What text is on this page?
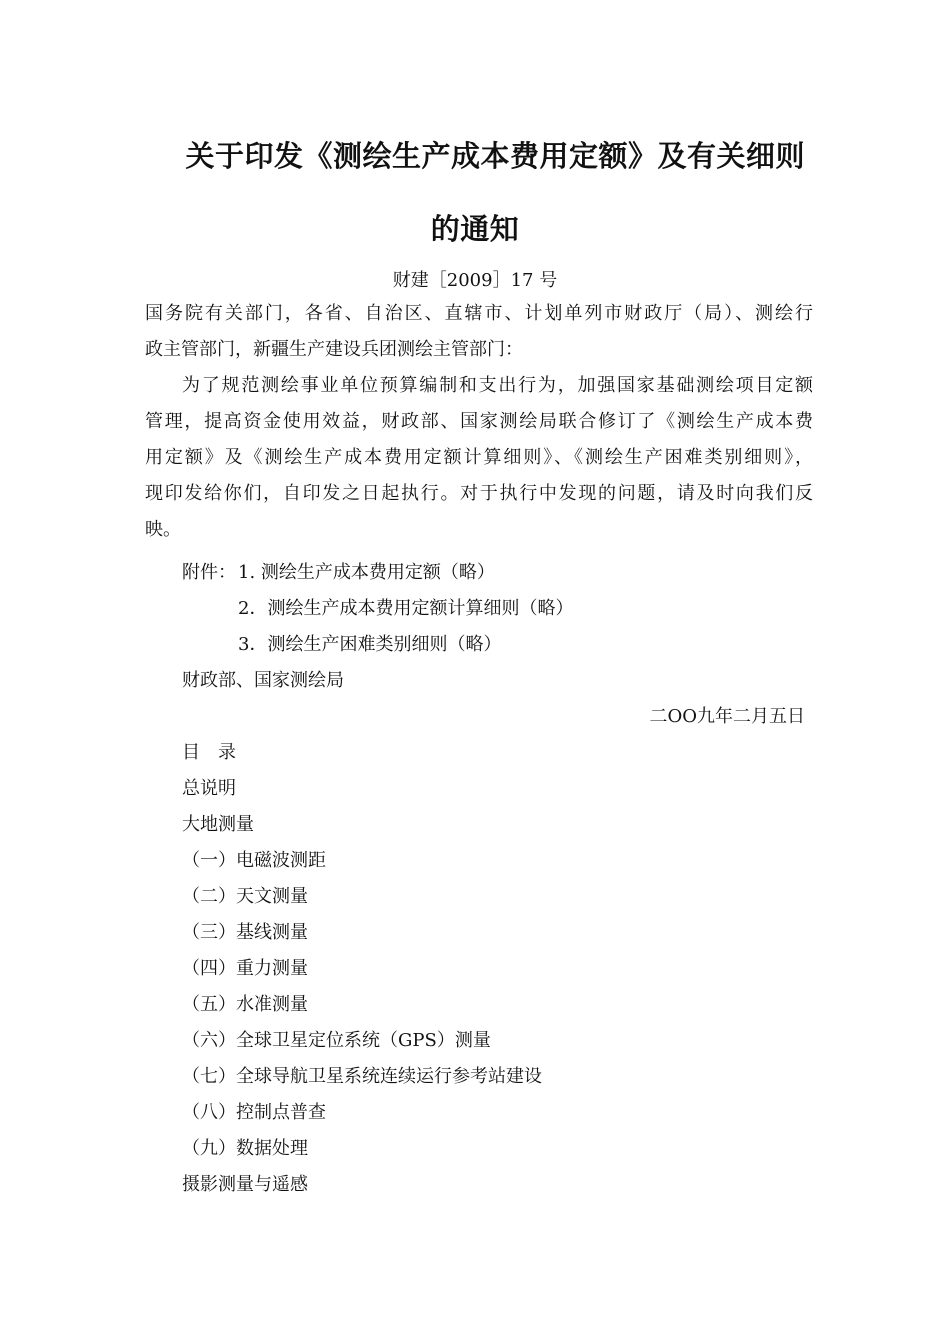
关于印发《测绘生产成本费用定额》及有关细则
的通知
财建［2009］17 号
国务院有关部门，各省、自治区、直辖市、计划单列市财政厅（局）、测绘行
政主管部门，新疆生产建设兵团测绘主管部门：
为了规范测绘事业单位预算编制和支出行为，加强国家基础测绘项目定额
管理，提高资金使用效益，财政部、国家测绘局联合修订了《测绘生产成本费
用定额》及《测绘生产成本费用定额计算细则》、《测绘生产困难类别细则》，
现印发给你们，自印发之日起执行。对于执行中发现的问题，请及时向我们反
映。
附件： 1. 测绘生产成本费用定额（略）
2．测绘生产成本费用定额计算细则（略）
3．测绘生产困难类别细则（略）
财政部、国家测绘局
二OO九年二月五日
目　录
总说明
大地测量
（一）电磁波测距
（二）天文测量
（三）基线测量
（四）重力测量
（五）水准测量
（六）全球卫星定位系统（GPS）测量
（七）全球导航卫星系统连续运行参考站建设
（八）控制点普查
（九）数据处理
摄影测量与遥感
